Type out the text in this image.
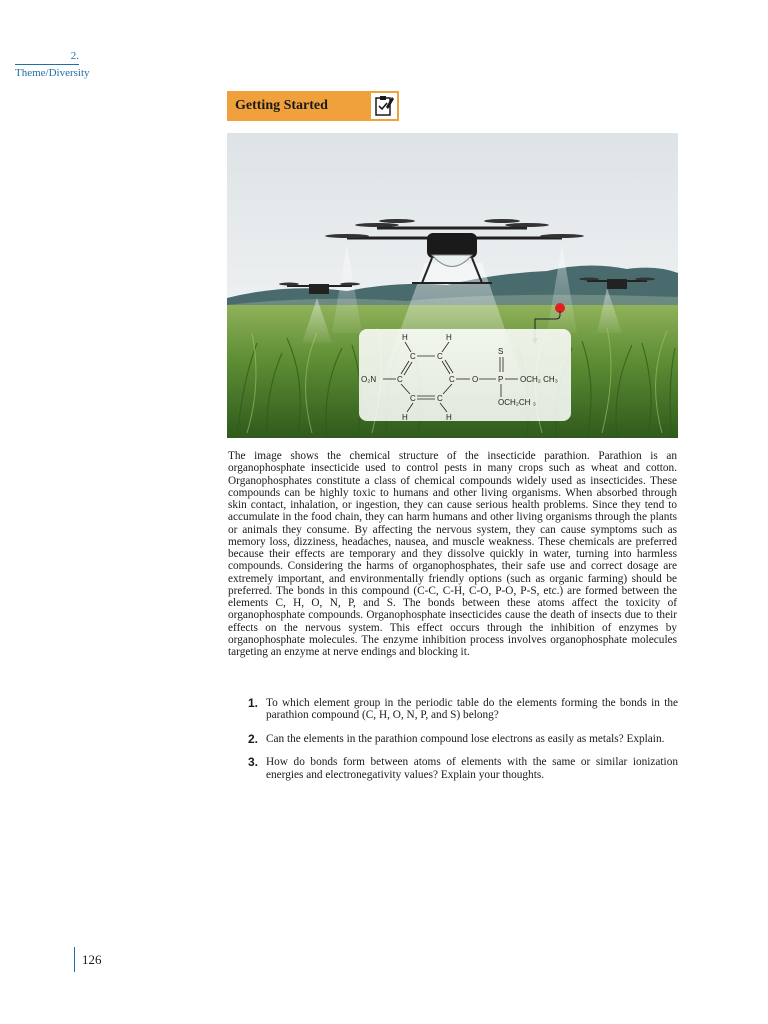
2.
Theme/Diversity
Getting Started
H	H
C	C
O₂N	C	C O P
S
OCH₂ CH₃
OCH₂CH ₃
C	C
H	H

The image shows the chemical structure of the insecticide parathion. Parathion is an organophosphate insecticide used to control pests in many crops such as wheat and cotton. Organophosphates constitute a class of chemical compounds widely used as insecticides. These compounds can be highly toxic to humans and other living organisms. When absorbed through skin contact, inhalation, or ingestion, they can cause serious health problems. Since they tend to accumulate in the food chain, they can harm humans and other living organisms through the plants or animals they consume. By affecting the nervous system, they can cause symptoms such as memory loss, dizziness, headaches, nausea, and muscle weakness. These chemicals are preferred because their effects are temporary and they dissolve quickly in water, turning into harmless compounds. Considering the harms of organophosphates, their safe use and correct dosage are extremely important, and environmentally friendly options (such as organic farming) should be preferred. The bonds in this compound (C-C, C-H, C-O, P-O, P-S, etc.) are formed between the elements C, H, O, N, P, and S. The bonds between these atoms affect the toxicity of organophosphate compounds. Organophosphate insecticides cause the death of insects due to their effects on the nervous system. This effect occurs through the inhibition of enzymes by organophosphate molecules. The enzyme inhibition process involves organophosphate molecules targeting an enzyme at nerve endings and blocking it.

1. To which element group in the periodic table do the elements forming the bonds in the parathion compound (C, H, O, N, P, and S) belong?
2. Can the elements in the parathion compound lose electrons as easily as metals? Explain.
3. How do bonds form between atoms of elements with the same or similar ionization energies and electronegativity values? Explain your thoughts.
126
